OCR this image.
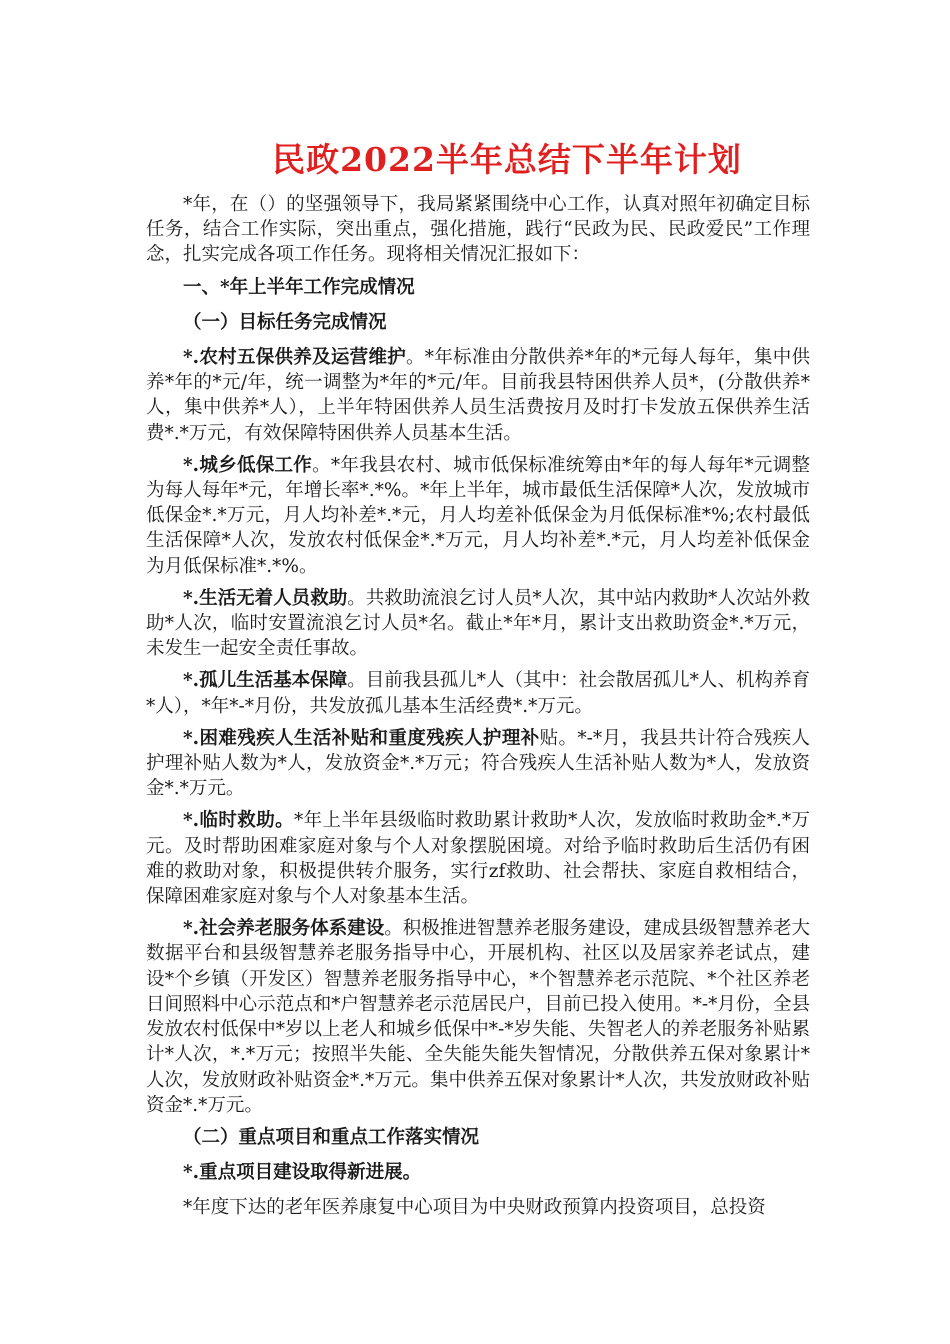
民政2022半年总结下半年计划

*年，在（）的坚强领导下，我局紧紧围绕中心工作，认真对照年初确定目标任务，结合工作实际，突出重点，强化措施，践行“民政为民、民政爱民”工作理念，扎实完成各项工作任务。现将相关情况汇报如下：

一、*年上半年工作完成情况

（一）目标任务完成情况

*.农村五保供养及运营维护。*年标准由分散供养*年的*元每人每年，集中供养*年的*元/年，统一调整为*年的*元/年。目前我县特困供养人员*，(分散供养*人，集中供养*人），上半年特困供养人员生活费按月及时打卡发放五保供养生活费*.*万元，有效保障特困供养人员基本生活。

*.城乡低保工作。*年我县农村、城市低保标准统筹由*年的每人每年*元调整为每人每年*元，年增长率*.*%。*年上半年，城市最低生活保障*人次，发放城市低保金*.*万元，月人均补差*.*元，月人均差补低保金为月低保标准*%;农村最低生活保障*人次，发放农村低保金*.*万元，月人均补差*.*元，月人均差补低保金为月低保标准*.*%。

*.生活无着人员救助。共救助流浪乞讨人员*人次，其中站内救助*人次站外救助*人次，临时安置流浪乞讨人员*名。截止*年*月，累计支出救助资金*.*万元，未发生一起安全责任事故。

*.孤儿生活基本保障。目前我县孤儿*人（其中：社会散居孤儿*人、机构养育*人），*年*-*月份，共发放孤儿基本生活经费*.*万元。

*.困难残疾人生活补贴和重度残疾人护理补贴。*-*月，我县共计符合残疾人护理补贴人数为*人，发放资金*.*万元；符合残疾人生活补贴人数为*人，发放资金*.*万元。

*.临时救助。*年上半年县级临时救助累计救助*人次，发放临时救助金*.*万元。及时帮助困难家庭对象与个人对象摆脱困境。对给予临时救助后生活仍有困难的救助对象，积极提供转介服务，实行zf救助、社会帮扶、家庭自救相结合，保障困难家庭对象与个人对象基本生活。

*.社会养老服务体系建设。积极推进智慧养老服务建设，建成县级智慧养老大数据平台和县级智慧养老服务指导中心，开展机构、社区以及居家养老试点，建设*个乡镇（开发区）智慧养老服务指导中心，*个智慧养老示范院、*个社区养老日间照料中心示范点和*户智慧养老示范居民户，目前已投入使用。*-*月份，全县发放农村低保中*岁以上老人和城乡低保中*-*岁失能、失智老人的养老服务补贴累计*人次，*.*万元；按照半失能、全失能失能失智情况，分散供养五保对象累计*人次，发放财政补贴资金*.*万元。集中供养五保对象累计*人次，共发放财政补贴资金*.*万元。

（二）重点项目和重点工作落实情况

*.重点项目建设取得新进展。

*年度下达的老年医养康复中心项目为中央财政预算内投资项目，总投资
